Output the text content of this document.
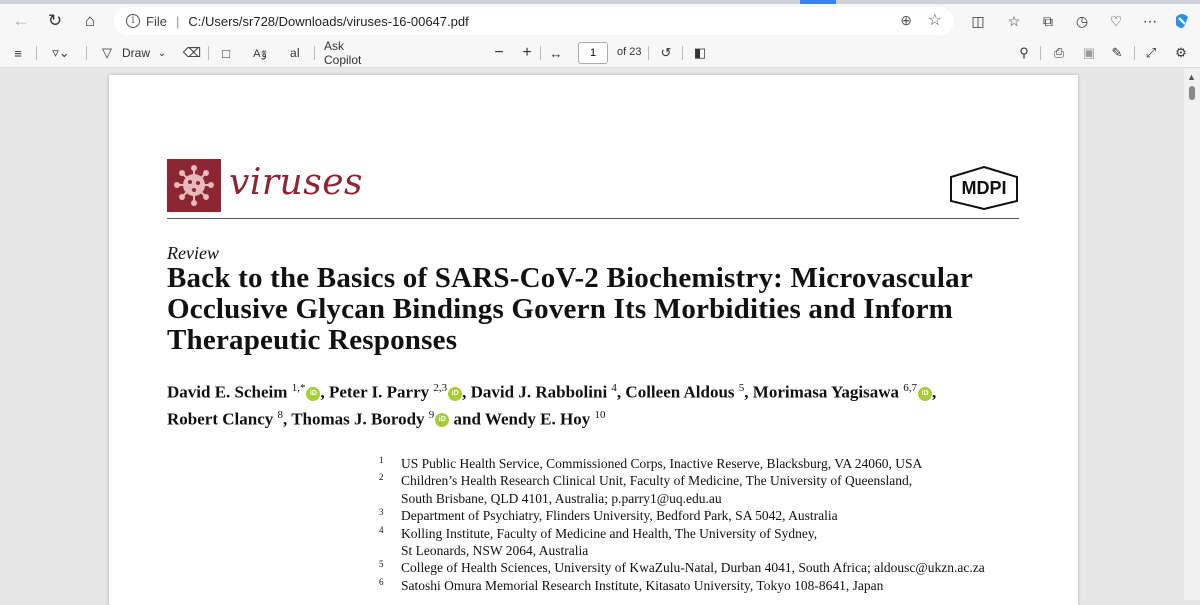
←	↻	⌂	i File | C:/Users/sr728/Downloads/viruses-16-00647.pdf	⊕ ☆	◫	☆	⧉	◷	♡	⋯
≡	▿⌄	▽ Draw ⌄ ⌫	□	Aٷ	aا	Ask Copilot	− +	↔	↺	◧	⚲	⎙	▣	✎	⤢	⚙
1	of 23
▲
viruses	MDPI
Review
Back to the Basics of SARS-CoV-2 Biochemistry: Microvascular Occlusive Glycan Bindings Govern Its Morbidities and Inform Therapeutic Responses
David E. Scheim $^{1,*}$ iD , Peter I. Parry $^{2,3}$ iD , David J. Rabbolini $^4$, Colleen Aldous $^5$, Morimasa Yagisawa $^{6,7}$ iD ,
Robert Clancy $^8$, Thomas J. Borody $^9$ iD and Wendy E. Hoy $^{10}$
1 US Public Health Service, Commissioned Corps, Inactive Reserve, Blacksburg, VA 24060, USA
2 Children’s Health Research Clinical Unit, Faculty of Medicine, The University of Queensland,
South Brisbane, QLD 4101, Australia; p.parry1@uq.edu.au
3 Department of Psychiatry, Flinders University, Bedford Park, SA 5042, Australia
4 Kolling Institute, Faculty of Medicine and Health, The University of Sydney,
St Leonards, NSW 2064, Australia
5 College of Health Sciences, University of KwaZulu-Natal, Durban 4041, South Africa; aldousc@ukzn.ac.za
6 Satoshi Omura Memorial Research Institute, Kitasato University, Tokyo 108-8641, Japan
